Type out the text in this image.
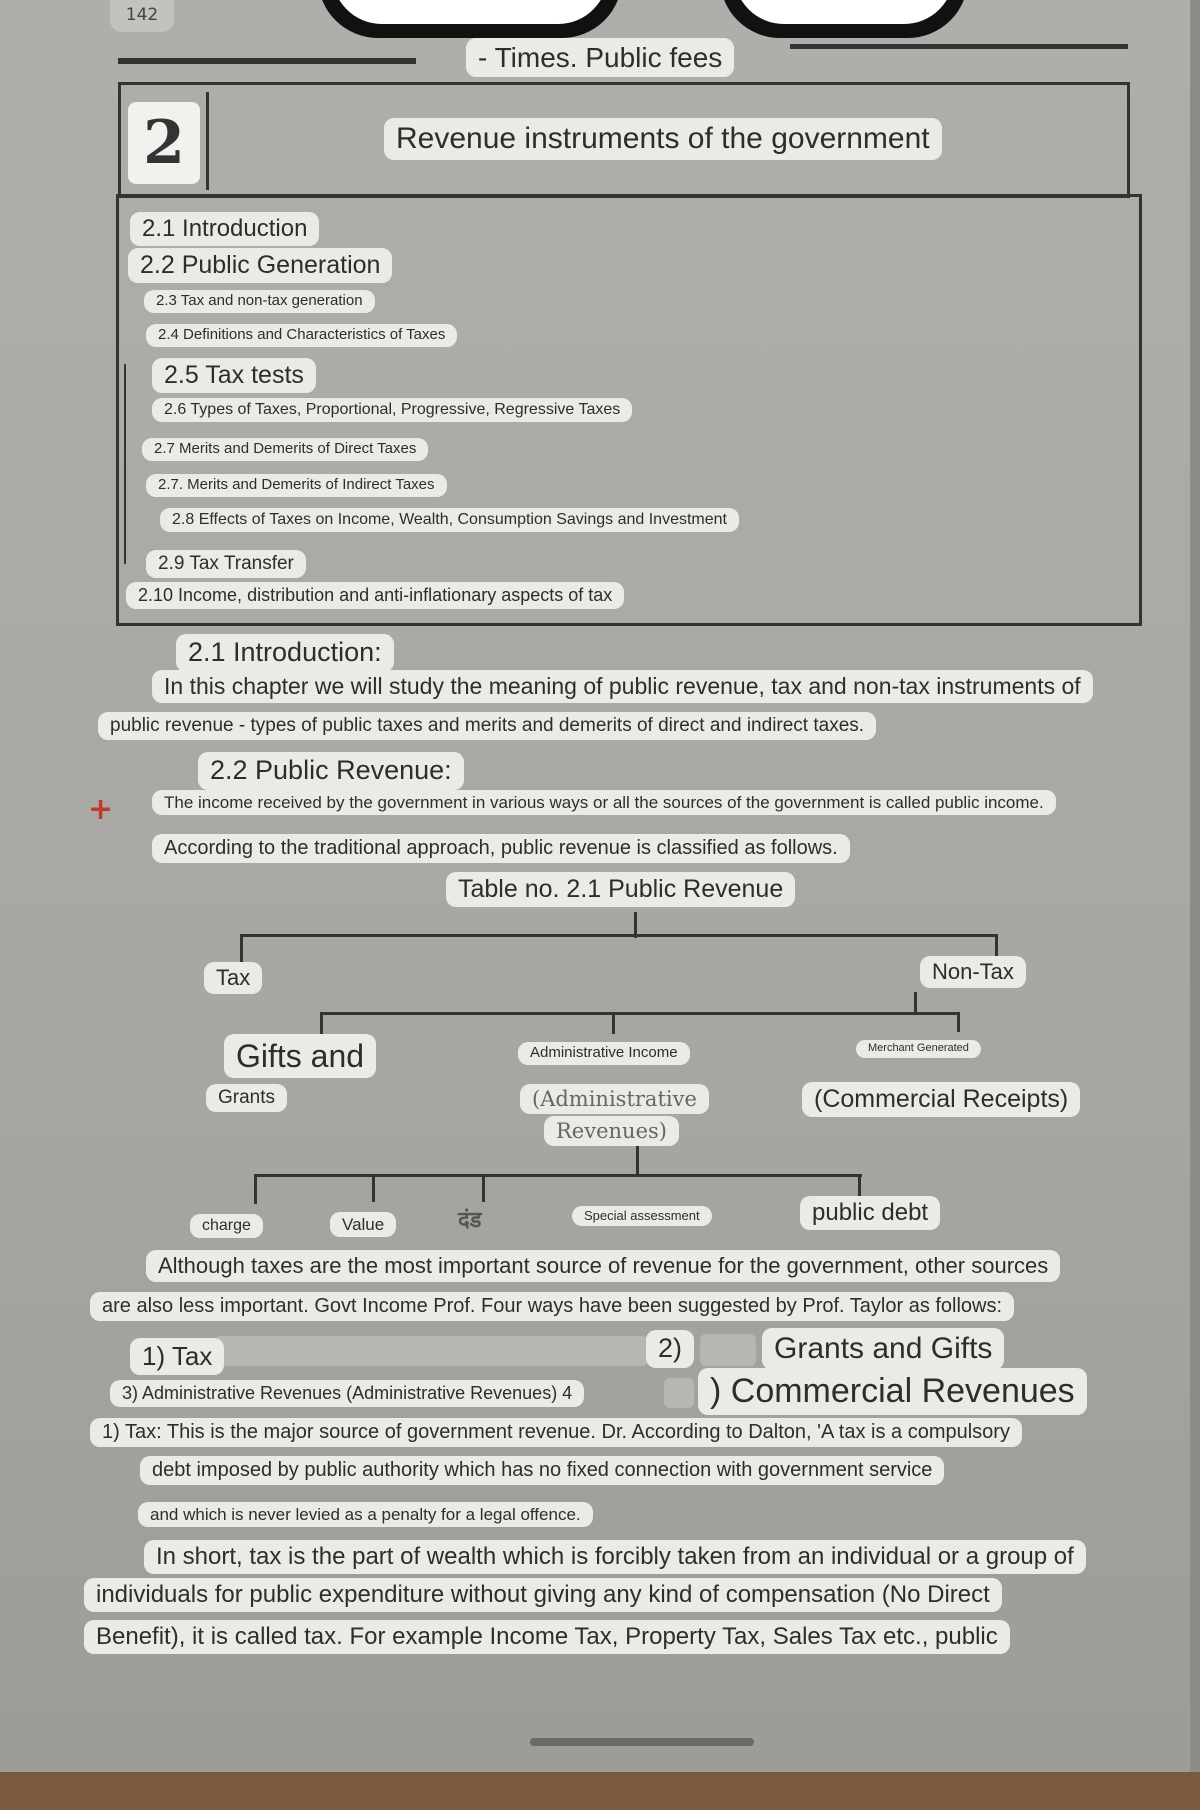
142
- Times. Public fees
2	Revenue instruments of the government
2.1 Introduction
2.2 Public Generation
2.3 Tax and non-tax generation
2.4 Definitions and Characteristics of Taxes
2.5 Tax tests
2.6 Types of Taxes, Proportional, Progressive, Regressive Taxes
2.7 Merits and Demerits of Direct Taxes
2.7. Merits and Demerits of Indirect Taxes
2.8 Effects of Taxes on Income, Wealth, Consumption Savings and Investment
2.9 Tax Transfer
2.10 Income, distribution and anti-inflationary aspects of tax
2.1 Introduction:
In this chapter we will study the meaning of public revenue, tax and non-tax instruments of
public revenue - types of public taxes and merits and demerits of direct and indirect taxes.
2.2 Public Revenue:
+	The income received by the government in various ways or all the sources of the government is called public income.
According to the traditional approach, public revenue is classified as follows.
Table no. 2.1 Public Revenue
Tax	Non-Tax
Gifts and
Grants
Administrative Income
(Administrative
Revenues)
Merchant Generated
(Commercial Receipts)
charge	Value	दंड	Special assessment	public debt
Although taxes are the most important source of revenue for the government, other sources
are also less important. Govt Income Prof. Four ways have been suggested by Prof. Taylor as follows:
1) Tax	2)	Grants and Gifts
3) Administrative Revenues (Administrative Revenues) 4	) Commercial Revenues
1) Tax: This is the major source of government revenue. Dr. According to Dalton, 'A tax is a compulsory
debt imposed by public authority which has no fixed connection with government service
and which is never levied as a penalty for a legal offence.
In short, tax is the part of wealth which is forcibly taken from an individual or a group of
individuals for public expenditure without giving any kind of compensation (No Direct
Benefit), it is called tax. For example Income Tax, Property Tax, Sales Tax etc., public
